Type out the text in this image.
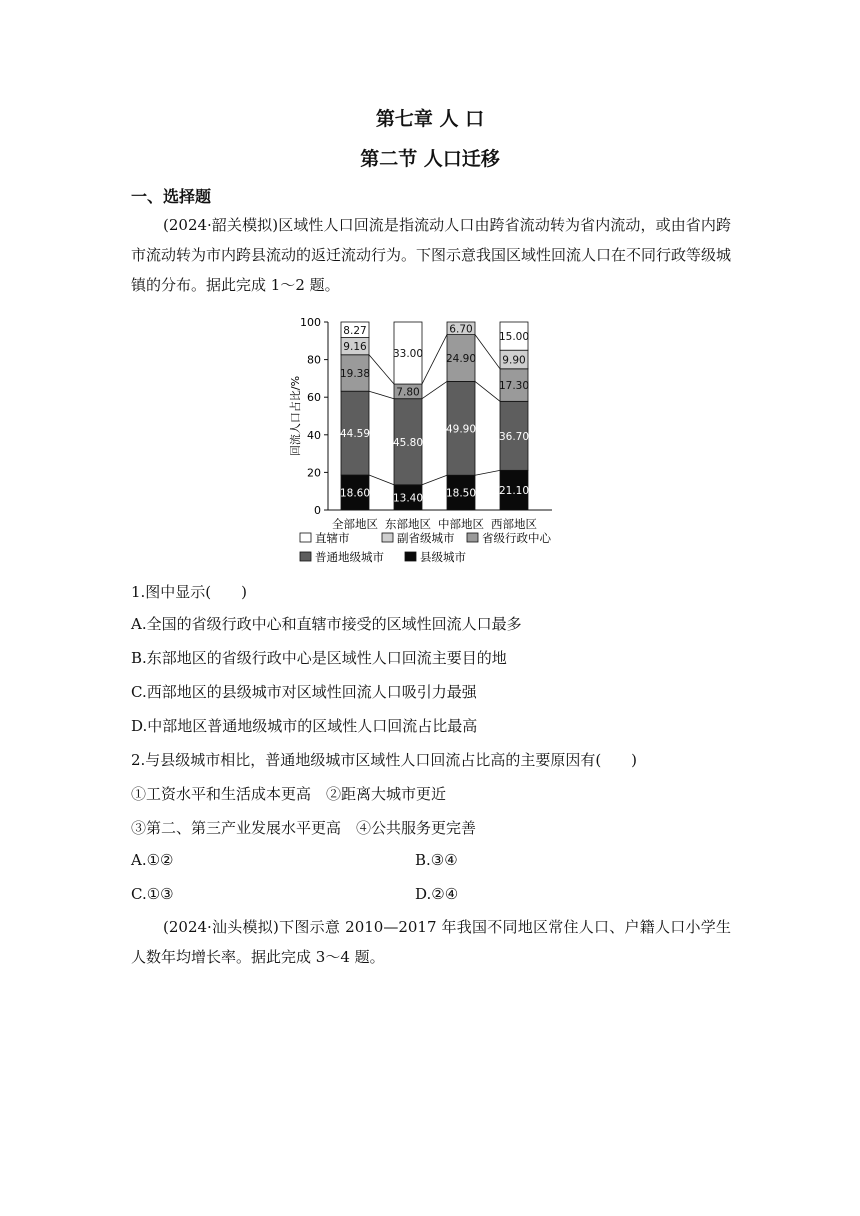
第七章 人 口
第二节 人口迁移
一、选择题

(2024·韶关模拟)区域性人口回流是指流动人口由跨省流动转为省内流动，或由省内跨市流动转为市内跨县流动的返迁流动行为。下图示意我国区域性回流人口在不同行政等级城镇的分布。据此完成 1～2 题。

回流人口占比/%
0
20
40
60
80
100
18.60
44.59
19.38
9.16
8.27
全部地区
13.40
45.80
7.80
33.00
东部地区
18.50
49.90
24.90
6.70
中部地区
21.10
36.70
17.30
9.90
15.00
西部地区
直辖市	副省级城市 省级行政中心
普通地级城市	县级城市
1.图中显示(　　)
A.全国的省级行政中心和直辖市接受的区域性回流人口最多
B.东部地区的省级行政中心是区域性人口回流主要目的地
C.西部地区的县级城市对区域性回流人口吸引力最强
D.中部地区普通地级城市的区域性人口回流占比最高
2.与县级城市相比，普通地级城市区域性人口回流占比高的主要原因有(　　)
①工资水平和生活成本更高　②距离大城市更近
③第二、第三产业发展水平更高　④公共服务更完善
A.①②	B.③④
C.①③	D.②④

(2024·汕头模拟)下图示意 2010—2017 年我国不同地区常住人口、户籍人口小学生人数年均增长率。据此完成 3～4 题。
